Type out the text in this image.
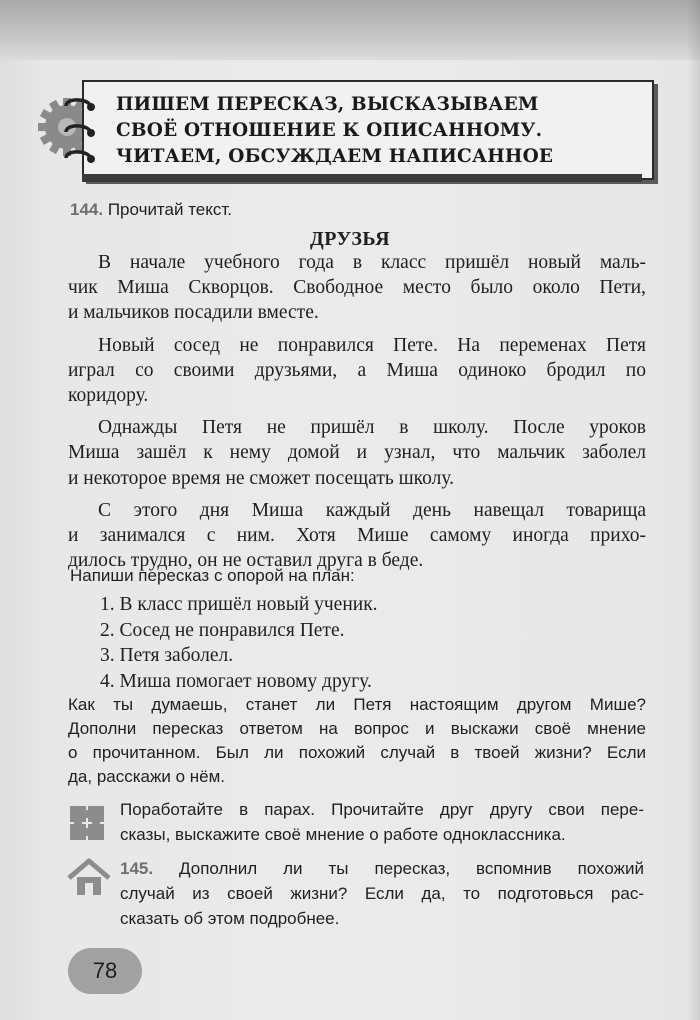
ПИШЕМ ПЕРЕСКАЗ, ВЫСКАЗЫВАЕМ
СВОЁ ОТНОШЕНИЕ К ОПИСАННОМУ.
ЧИТАЕМ, ОБСУЖДАЕМ НАПИСАННОЕ
144. Прочитай текст.
ДРУЗЬЯ

В начале учебного года в класс пришёл новый маль-
чик Миша Скворцов. Свободное место было около Пети,
и мальчиков посадили вместе.

Новый сосед не понравился Пете. На переменах Петя
играл со своими друзьями, а Миша одиноко бродил по
коридору.

Однажды Петя не пришёл в школу. После уроков
Миша зашёл к нему домой и узнал, что мальчик заболел
и некоторое время не сможет посещать школу.

С этого дня Миша каждый день навещал товарища
и занимался с ним. Хотя Мише самому иногда прихо-
дилось трудно, он не оставил друга в беде.

Напиши пересказ с опорой на план:
1. В класс пришёл новый ученик.
2. Сосед не понравился Пете.
3. Петя заболел.
4. Миша помогает новому другу.
Как ты думаешь, станет ли Петя настоящим другом Мише?
Дополни пересказ ответом на вопрос и выскажи своё мнение
о прочитанном. Был ли похожий случай в твоей жизни? Если
да, расскажи о нём.
Поработайте в парах. Прочитайте друг другу свои пере-
сказы, выскажите своё мнение о работе одноклассника.
145. Дополнил ли ты пересказ, вспомнив похожий
случай из своей жизни? Если да, то подготовься рас-
сказать об этом подробнее.
78
